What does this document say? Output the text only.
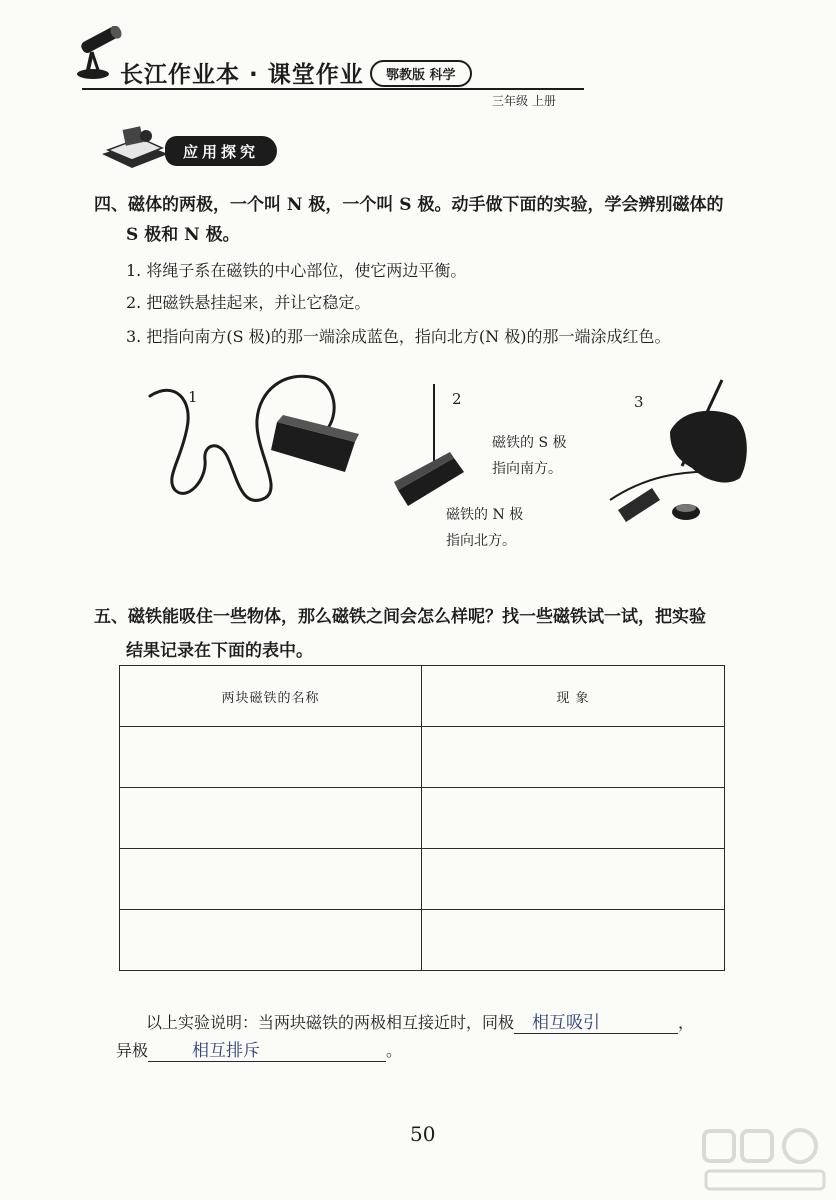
长江作业本 · 课堂作业	鄂教版 科学
三年级 上册
应用探究
四、磁体的两极，一个叫 N 极，一个叫 S 极。动手做下面的实验，学会辨别磁体的
S 极和 N 极。
1. 将绳子系在磁铁的中心部位，使它两边平衡。
2. 把磁铁悬挂起来，并让它稳定。
3. 把指向南方(S 极)的那一端涂成蓝色，指向北方(N 极)的那一端涂成红色。
1	2
磁铁的 S 极
指向南方。
磁铁的 N 极
指向北方。
3
五、磁铁能吸住一些物体，那么磁铁之间会怎么样呢？找一些磁铁试一试，把实验
结果记录在下面的表中。
两块磁铁的名称	现 象

以上实验说明：当两块磁铁的两极相互接近时，同极 相互吸引	，
异极	相互排斥	。
50
